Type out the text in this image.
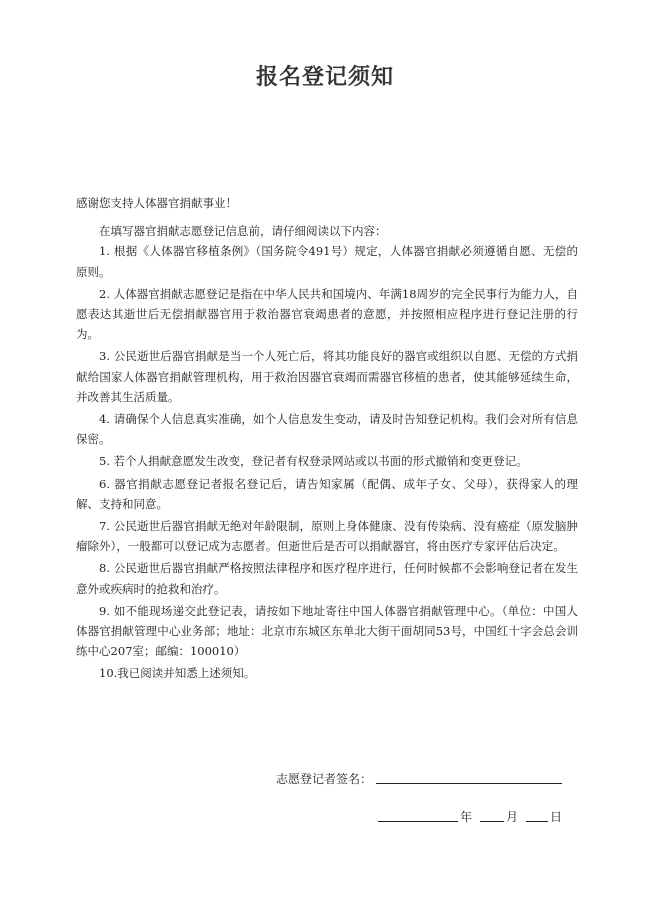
报名登记须知

感谢您支持人体器官捐献事业！

在填写器官捐献志愿登记信息前，请仔细阅读以下内容：

1. 根据《人体器官移植条例》（国务院令491号）规定，人体器官捐献必须遵循自愿、无偿的原则。

2. 人体器官捐献志愿登记是指在中华人民共和国境内、年满18周岁的完全民事行为能力人，自愿表达其逝世后无偿捐献器官用于救治器官衰竭患者的意愿，并按照相应程序进行登记注册的行为。

3. 公民逝世后器官捐献是当一个人死亡后，将其功能良好的器官或组织以自愿、无偿的方式捐献给国家人体器官捐献管理机构，用于救治因器官衰竭而需器官移植的患者，使其能够延续生命，并改善其生活质量。

4. 请确保个人信息真实准确，如个人信息发生变动，请及时告知登记机构。我们会对所有信息保密。

5. 若个人捐献意愿发生改变，登记者有权登录网站或以书面的形式撤销和变更登记。

6. 器官捐献志愿登记者报名登记后，请告知家属（配偶、成年子女、父母），获得家人的理解、支持和同意。

7. 公民逝世后器官捐献无绝对年龄限制，原则上身体健康、没有传染病、没有癌症（原发脑肿瘤除外），一般都可以登记成为志愿者。但逝世后是否可以捐献器官，将由医疗专家评估后决定。

8. 公民逝世后器官捐献严格按照法律程序和医疗程序进行，任何时候都不会影响登记者在发生意外或疾病时的抢救和治疗。

9. 如不能现场递交此登记表，请按如下地址寄往中国人体器官捐献管理中心。（单位：中国人体器官捐献管理中心业务部；地址：北京市东城区东单北大街干面胡同53号，中国红十字会总会训练中心207室；邮编：100010）

10.我已阅读并知悉上述须知。

志愿登记者签名：
年	月	日
